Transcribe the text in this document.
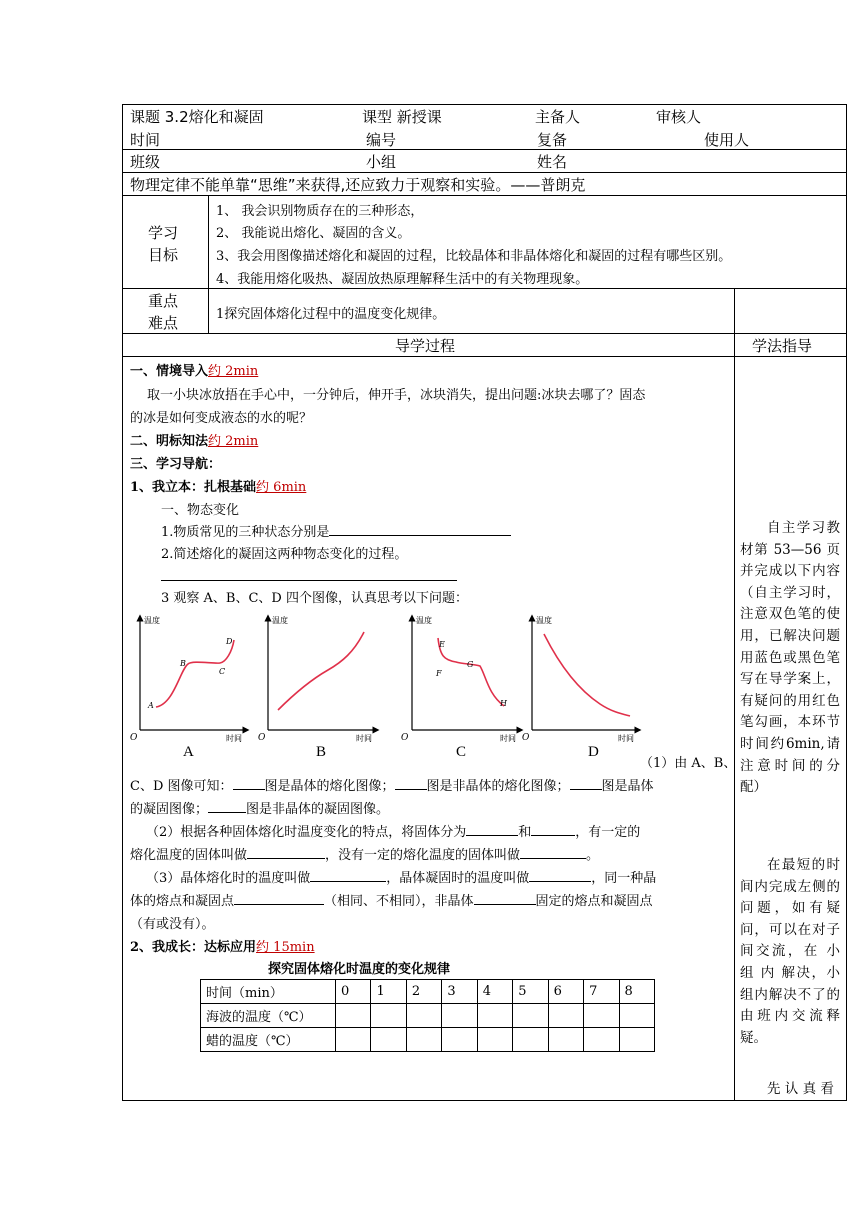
课题 3.2熔化和凝固	课型 新授课	主备人	审核人
时间	编号	复备	使用人
班级	小组	姓名
物理定律不能单靠“思维”来获得,还应致力于观察和实验。——普朗克
学习
目标
1、 我会识别物质存在的三种形态，
2、 我能说出熔化、凝固的含义。
3、我会用图像描述熔化和凝固的过程，比较晶体和非晶体熔化和凝固的过程有哪些区别。
4、我能用熔化吸热、凝固放热原理解释生活中的有关物理现象。
重点
难点	1探究固体熔化过程中的温度变化规律。
导学过程	学法指导
一、情境导入约 2min
取一小块冰放捂在手心中，一分钟后，伸开手，冰块消失，提出问题:冰块去哪了？固态
的冰是如何变成液态的水的呢？
二、明标知法约 2min
三、学习导航：
1、我立本：扎根基础约 6min
一、物态变化
1.物质常见的三种状态分别是
2.简述熔化的凝固这两种物态变化的过程。
3 观察 A、B、C、D 四个图像，认真思考以下问题：
温度
时间
O
A
B
C
D
温度
时间
O
温度
时间
O
E
F
G
H
温度
时间
O
A	B	C	D
（1）由 A、B、
C、D 图像可知： 图是晶体的熔化图像； 图是非晶体的熔化图像； 图是晶体
的凝固图像；	图是非晶体的凝固图像。
（2）根据各种固体熔化时温度变化的特点，将固体分为	和	，有一定的
熔化温度的固体叫做	，没有一定的熔化温度的固体叫做	。
（3）晶体熔化时的温度叫做	，晶体凝固时的温度叫做	，同一种晶
体的熔点和凝固点	（相同、不相同），非晶体	固定的熔点和凝固点
（有或没有）。
2、我成长：达标应用约 15min
探究固体熔化时温度的变化规律
时间（min）	0	1	2	3	4	5	6	7	8
海波的温度（℃）									
蜡的温度（℃）									
自主学习教材第 53—56 页并完成以下内容 （自主学习时，注意双色笔的使用，已解决问题用蓝色或黑色笔写在导学案上，有疑问的用红色笔勾画，本环节时间约6min,请注意时间的分配）
在最短的时间内完成左侧的问题，如有疑问，可以在对子间交流，在 小 组 内 解决，小组内解决不了的由班内交流释疑。
先 认 真 看
